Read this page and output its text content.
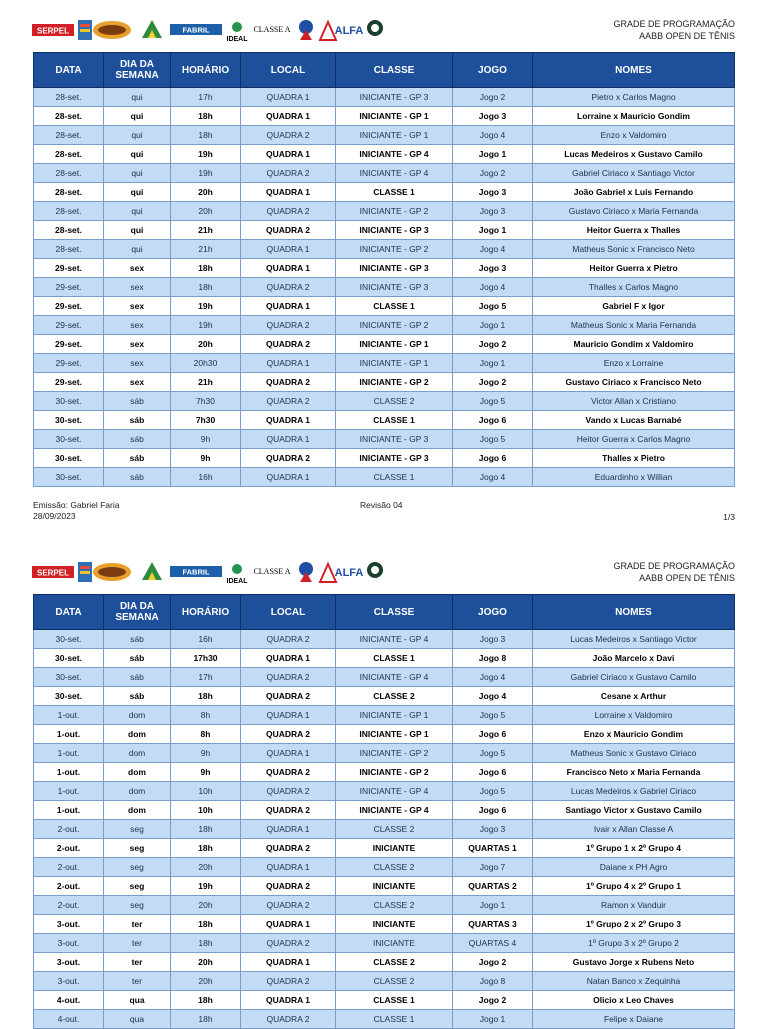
SERPEL	FABRIL
IDEAL
CLASSE A	ALFA
GRADE DE PROGRAMAÇÃO
AABB OPEN DE TÊNIS
DATA	DIA DA SEMANA	HORÁRIO	LOCAL	CLASSE	JOGO	NOMES
28-set.	qui	17h	QUADRA 1	INICIANTE - GP 3	Jogo 2	Pietro x Carlos Magno
28-set.	qui	18h	QUADRA 1	INICIANTE - GP 1	Jogo 3	Lorraine x Mauricio Gondim
28-set.	qui	18h	QUADRA 2	INICIANTE - GP 1	Jogo 4	Enzo x Valdomiro
28-set.	qui	19h	QUADRA 1	INICIANTE - GP 4	Jogo 1	Lucas Medeiros x Gustavo Camilo
28-set.	qui	19h	QUADRA 2	INICIANTE - GP 4	Jogo 2	Gabriel Ciriaco x Santiago Victor
28-set.	qui	20h	QUADRA 1	CLASSE 1	Jogo 3	João Gabriel x Luis Fernando
28-set.	qui	20h	QUADRA 2	INICIANTE - GP 2	Jogo 3	Gustavo Ciriaco x Maria Fernanda
28-set.	qui	21h	QUADRA 2	INICIANTE - GP 3	Jogo 1	Heitor Guerra x Thalles
28-set.	qui	21h	QUADRA 1	INICIANTE - GP 2	Jogo 4	Matheus Sonic x Francisco Neto
29-set.	sex	18h	QUADRA 1	INICIANTE - GP 3	Jogo 3	Heitor Guerra x Pietro
29-set.	sex	18h	QUADRA 2	INICIANTE - GP 3	Jogo 4	Thalles x Carlos Magno
29-set.	sex	19h	QUADRA 1	CLASSE 1	Jogo 5	Gabriel F x Igor
29-set.	sex	19h	QUADRA 2	INICIANTE - GP 2	Jogo 1	Matheus Sonic x Maria Fernanda
29-set.	sex	20h	QUADRA 2	INICIANTE - GP 1	Jogo 2	Mauricio Gondim x Valdomiro
29-set.	sex	20h30	QUADRA 1	INICIANTE - GP 1	Jogo 1	Enzo x Lorraine
29-set.	sex	21h	QUADRA 2	INICIANTE - GP 2	Jogo 2	Gustavo Ciriaco x Francisco Neto
30-set.	sáb	7h30	QUADRA 2	CLASSE 2	Jogo 5	Victor Allan x Cristiano
30-set.	sáb	7h30	QUADRA 1	CLASSE 1	Jogo 6	Vando x Lucas Barnabé
30-set.	sáb	9h	QUADRA 1	INICIANTE - GP 3	Jogo 5	Heitor Guerra x Carlos Magno
30-set.	sáb	9h	QUADRA 2	INICIANTE - GP 3	Jogo 6	Thalles x Pietro
30-set.	sáb	16h	QUADRA 1	CLASSE 1	Jogo 4	Eduardinho x Willian
Emissão: Gabriel Faria
28/09/2023
Revisão 04
1/3
SERPEL	FABRIL
IDEAL
CLASSE A	ALFA
GRADE DE PROGRAMAÇÃO
AABB OPEN DE TÊNIS
DATA	DIA DA SEMANA	HORÁRIO	LOCAL	CLASSE	JOGO	NOMES
30-set.	sáb	16h	QUADRA 2	INICIANTE - GP 4	Jogo 3	Lucas Medeiros x Santiago Victor
30-set.	sáb	17h30	QUADRA 1	CLASSE 1	Jogo 8	João Marcelo x Davi
30-set.	sáb	17h	QUADRA 2	INICIANTE - GP 4	Jogo 4	Gabriel Ciriaco x Gustavo Camilo
30-set.	sáb	18h	QUADRA 2	CLASSE 2	Jogo 4	Cesane x Arthur
1-out.	dom	8h	QUADRA 1	INICIANTE - GP 1	Jogo 5	Lorraine x Valdomiro
1-out.	dom	8h	QUADRA 2	INICIANTE - GP 1	Jogo 6	Enzo x Mauricio Gondim
1-out.	dom	9h	QUADRA 1	INICIANTE - GP 2	Jogo 5	Matheus Sonic x Gustavo Ciriaco
1-out.	dom	9h	QUADRA 2	INICIANTE - GP 2	Jogo 6	Francisco Neto x Maria Fernanda
1-out.	dom	10h	QUADRA 2	INICIANTE - GP 4	Jogo 5	Lucas Medeiros x Gabriel Ciriaco
1-out.	dom	10h	QUADRA 2	INICIANTE - GP 4	Jogo 6	Santiago Victor x Gustavo Camilo
2-out.	seg	18h	QUADRA 1	CLASSE 2	Jogo 3	Ivair x Allan Classe A
2-out.	seg	18h	QUADRA 2	INICIANTE	QUARTAS 1	1º Grupo 1 x 2º Grupo 4
2-out.	seg	20h	QUADRA 1	CLASSE 2	Jogo 7	Daiane x PH Agro
2-out.	seg	19h	QUADRA 2	INICIANTE	QUARTAS 2	1º Grupo 4 x 2º Grupo 1
2-out.	seg	20h	QUADRA 2	CLASSE 2	Jogo 1	Ramon x Vanduir
3-out.	ter	18h	QUADRA 1	INICIANTE	QUARTAS 3	1º Grupo 2 x 2º Grupo 3
3-out.	ter	18h	QUADRA 2	INICIANTE	QUARTAS 4	1º Grupo 3 x 2º Grupo 2
3-out.	ter	20h	QUADRA 1	CLASSE 2	Jogo 2	Gustavo Jorge x Rubens Neto
3-out.	ter	20h	QUADRA 2	CLASSE 2	Jogo 8	Natan Banco x Zequinha
4-out.	qua	18h	QUADRA 1	CLASSE 1	Jogo 2	Olicio x Leo Chaves
4-out.	qua	18h	QUADRA 2	CLASSE 1	Jogo 1	Felipe x Daiane
